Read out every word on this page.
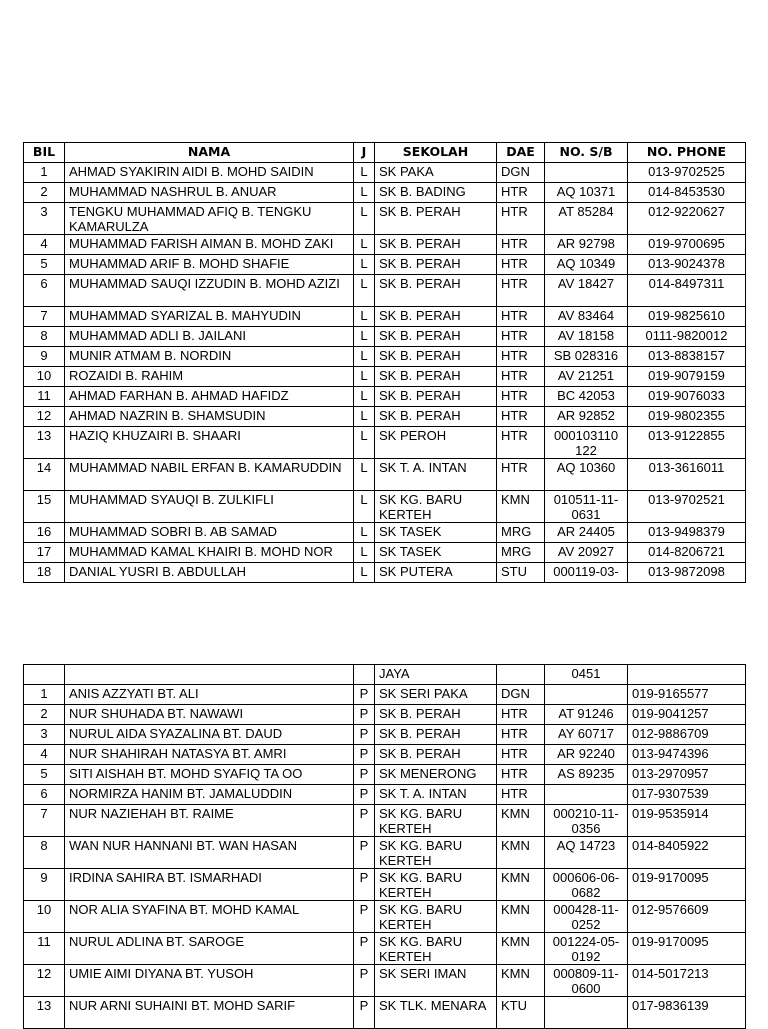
BIL	NAMA	J	SEKOLAH	DAE	NO. S/B	NO. PHONE
1	AHMAD SYAKIRIN AIDI B. MOHD SAIDIN	L	SK PAKA	DGN		013-9702525
2	MUHAMMAD NASHRUL B. ANUAR	L	SK B. BADING	HTR	AQ 10371	014-8453530
3	TENGKU MUHAMMAD AFIQ B. TENGKU KAMARULZA	L	SK B. PERAH	HTR	AT 85284	012-9220627
4	MUHAMMAD FARISH AIMAN B. MOHD ZAKI	L	SK B. PERAH	HTR	AR 92798	019-9700695
5	MUHAMMAD ARIF B. MOHD SHAFIE	L	SK B. PERAH	HTR	AQ 10349	013-9024378
6	MUHAMMAD SAUQI IZZUDIN B. MOHD AZIZI	L	SK B. PERAH	HTR	AV 18427	014-8497311
7	MUHAMMAD SYARIZAL B. MAHYUDIN	L	SK B. PERAH	HTR	AV 83464	019-9825610
8	MUHAMMAD ADLI B. JAILANI	L	SK B. PERAH	HTR	AV 18158	0111-9820012
9	MUNIR ATMAM B. NORDIN	L	SK B. PERAH	HTR	SB 028316	013-8838157
10	ROZAIDI B. RAHIM	L	SK B. PERAH	HTR	AV 21251	019-9079159
11	AHMAD FARHAN B. AHMAD HAFIDZ	L	SK B. PERAH	HTR	BC 42053	019-9076033
12	AHMAD NAZRIN B. SHAMSUDIN	L	SK B. PERAH	HTR	AR 92852	019-9802355
13	HAZIQ KHUZAIRI B. SHAARI	L	SK PEROH	HTR	000103110 122	013-9122855
14	MUHAMMAD NABIL ERFAN B. KAMARUDDIN	L	SK T. A. INTAN	HTR	AQ 10360	013-3616011
15	MUHAMMAD SYAUQI B. ZULKIFLI	L	SK KG. BARU KERTEH	KMN	010511-11-0631	013-9702521
16	MUHAMMAD SOBRI B. AB SAMAD	L	SK TASEK	MRG	AR 24405	013-9498379
17	MUHAMMAD KAMAL KHAIRI B. MOHD NOR	L	SK TASEK	MRG	AV 20927	014-8206721
18	DANIAL YUSRI B. ABDULLAH	L	SK PUTERA	STU	000119-03-	013-9872098
			JAYA		0451	
1	ANIS AZZYATI BT. ALI	P	SK SERI PAKA	DGN		019-9165577
2	NUR SHUHADA BT. NAWAWI	P	SK B. PERAH	HTR	AT 91246	019-9041257
3	NURUL AIDA SYAZALINA BT. DAUD	P	SK B. PERAH	HTR	AY 60717	012-9886709
4	NUR SHAHIRAH NATASYA BT. AMRI	P	SK B. PERAH	HTR	AR 92240	013-9474396
5	SITI AISHAH BT. MOHD SYAFIQ TA OO	P	SK MENERONG	HTR	AS 89235	013-2970957
6	NORMIRZA HANIM BT. JAMALUDDIN	P	SK T. A. INTAN	HTR		017-9307539
7	NUR NAZIEHAH BT. RAIME	P	SK KG. BARU KERTEH	KMN	000210-11-0356	019-9535914
8	WAN NUR HANNANI BT. WAN HASAN	P	SK KG. BARU KERTEH	KMN	AQ 14723	014-8405922
9	IRDINA SAHIRA BT. ISMARHADI	P	SK KG. BARU KERTEH	KMN	000606-06-0682	019-9170095
10	NOR ALIA SYAFINA BT. MOHD KAMAL	P	SK KG. BARU KERTEH	KMN	000428-11-0252	012-9576609
11	NURUL ADLINA BT. SAROGE	P	SK KG. BARU KERTEH	KMN	001224-05-0192	019-9170095
12	UMIE AIMI DIYANA BT. YUSOH	P	SK SERI IMAN	KMN	000809-11-0600	014-5017213
13	NUR ARNI SUHAINI BT. MOHD SARIF	P	SK TLK. MENARA	KTU		017-9836139
